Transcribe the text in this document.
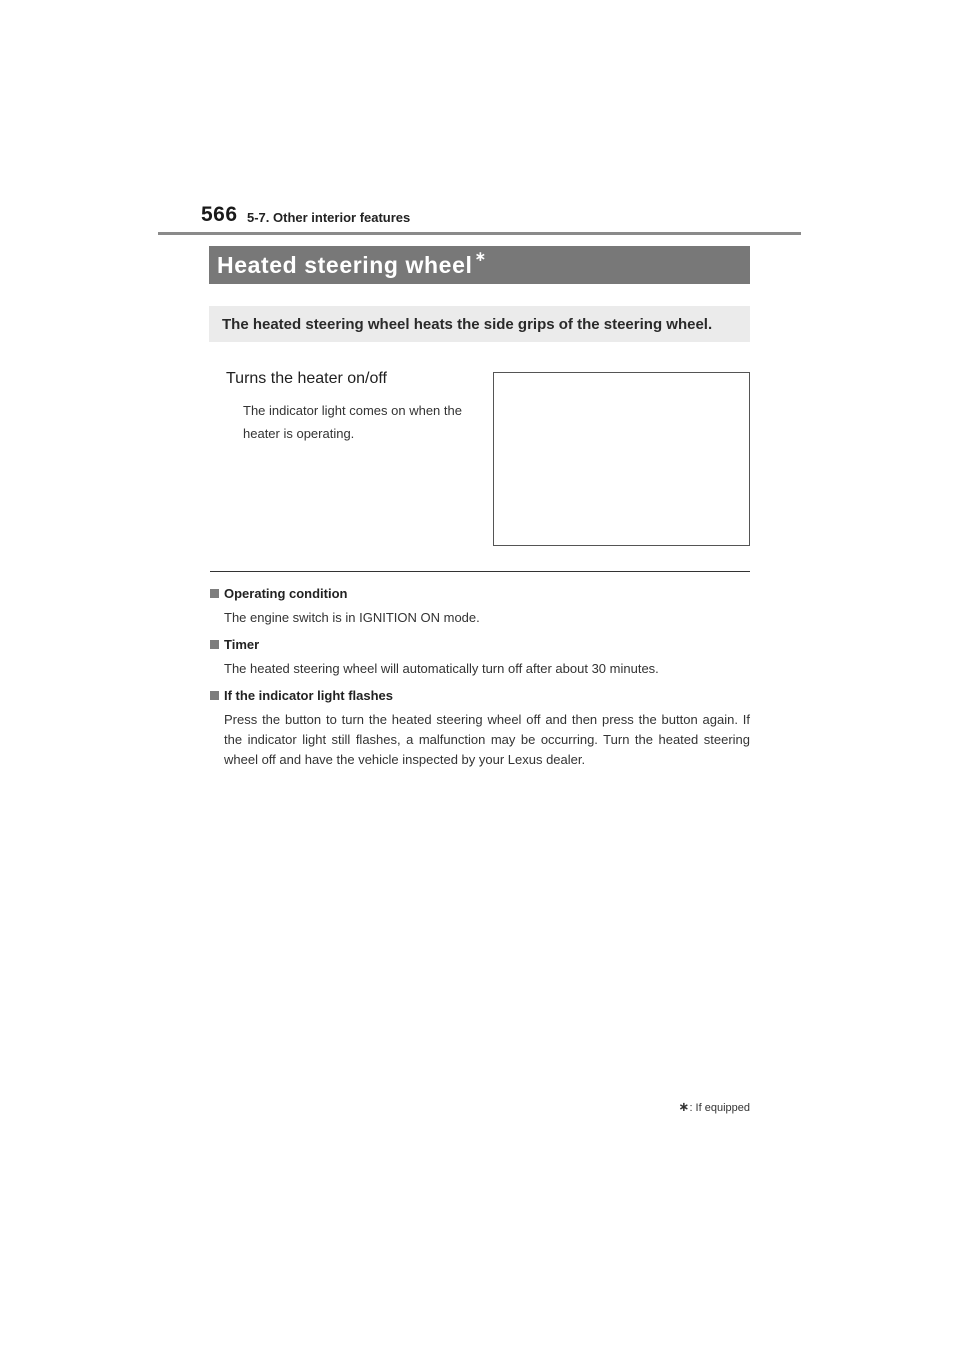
566 5-7. Other interior features
Heated steering wheel ∗
The heated steering wheel heats the side grips of the steering wheel.
Turns the heater on/off
The indicator light comes on when the heater is operating.
Operating condition
The engine switch is in IGNITION ON mode.
Timer
The heated steering wheel will automatically turn off after about 30 minutes.
If the indicator light flashes
Press the button to turn the heated steering wheel off and then press the button again. If the indicator light still flashes, a malfunction may be occurring. Turn the heated steering wheel off and have the vehicle inspected by your Lexus dealer.
∗: If equipped
